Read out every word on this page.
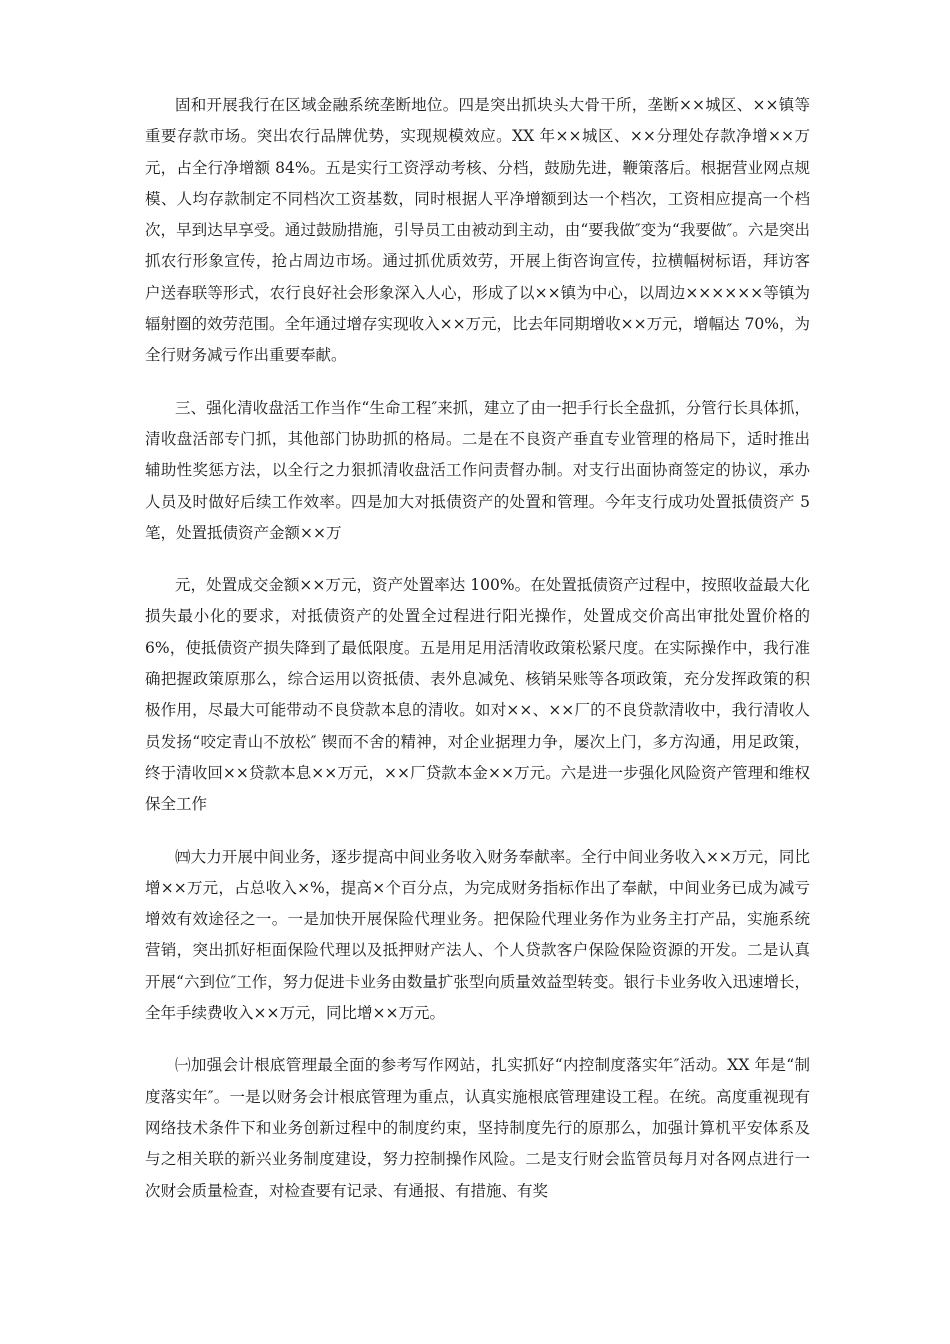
固和开展我行在区域金融系统垄断地位。四是突出抓块头大骨干所，垄断××城区、××镇等重要存款市场。突出农行品牌优势，实现规模效应。XX 年××城区、××分理处存款净增××万元，占全行净增额 84%。五是实行工资浮动考核、分档，鼓励先进，鞭策落后。根据营业网点规模、人均存款制定不同档次工资基数，同时根据人平净增额到达一个档次，工资相应提高一个档次，早到达早享受。通过鼓励措施，引导员工由被动到主动，由“要我做″变为“我要做″。六是突出抓农行形象宣传，抢占周边市场。通过抓优质效劳，开展上街咨询宣传，拉横幅树标语，拜访客户送春联等形式，农行良好社会形象深入人心，形成了以××镇为中心，以周边××××××等镇为辐射圈的效劳范围。全年通过增存实现收入××万元，比去年同期增收××万元，增幅达 70%，为全行财务减亏作出重要奉献。

三、强化清收盘活工作当作“生命工程″来抓，建立了由一把手行长全盘抓，分管行长具体抓，清收盘活部专门抓，其他部门协助抓的格局。二是在不良资产垂直专业管理的格局下，适时推出辅助性奖惩方法，以全行之力狠抓清收盘活工作问责督办制。对支行出面协商签定的协议，承办人员及时做好后续工作效率。四是加大对抵债资产的处置和管理。今年支行成功处置抵债资产 5 笔，处置抵债资产金额××万

元，处置成交金额××万元，资产处置率达 100%。在处置抵债资产过程中，按照收益最大化损失最小化的要求，对抵债资产的处置全过程进行阳光操作，处置成交价高出审批处置价格的 6%，使抵债资产损失降到了最低限度。五是用足用活清收政策松紧尺度。在实际操作中，我行准确把握政策原那么，综合运用以资抵债、表外息减免、核销呆账等各项政策，充分发挥政策的积极作用，尽最大可能带动不良贷款本息的清收。如对××、××厂的不良贷款清收中，我行清收人员发扬“咬定青山不放松″ 锲而不舍的精神，对企业据理力争，屡次上门，多方沟通，用足政策，终于清收回××贷款本息××万元，××厂贷款本金××万元。六是进一步强化风险资产管理和维权保全工作

㈣大力开展中间业务，逐步提高中间业务收入财务奉献率。全行中间业务收入××万元，同比增××万元，占总收入×%，提高×个百分点，为完成财务指标作出了奉献，中间业务已成为减亏增效有效途径之一。一是加快开展保险代理业务。把保险代理业务作为业务主打产品，实施系统营销，突出抓好柜面保险代理以及抵押财产法人、个人贷款客户保险保险资源的开发。二是认真开展“六到位″工作，努力促进卡业务由数量扩张型向质量效益型转变。银行卡业务收入迅速增长，全年手续费收入××万元，同比增××万元。

㈠加强会计根底管理最全面的参考写作网站，扎实抓好“内控制度落实年″活动。XX 年是“制度落实年″。一是以财务会计根底管理为重点，认真实施根底管理建设工程。在统。高度重视现有网络技术条件下和业务创新过程中的制度约束，坚持制度先行的原那么，加强计算机平安体系及与之相关联的新兴业务制度建设，努力控制操作风险。二是支行财会监管员每月对各网点进行一次财会质量检查，对检查要有记录、有通报、有措施、有奖
